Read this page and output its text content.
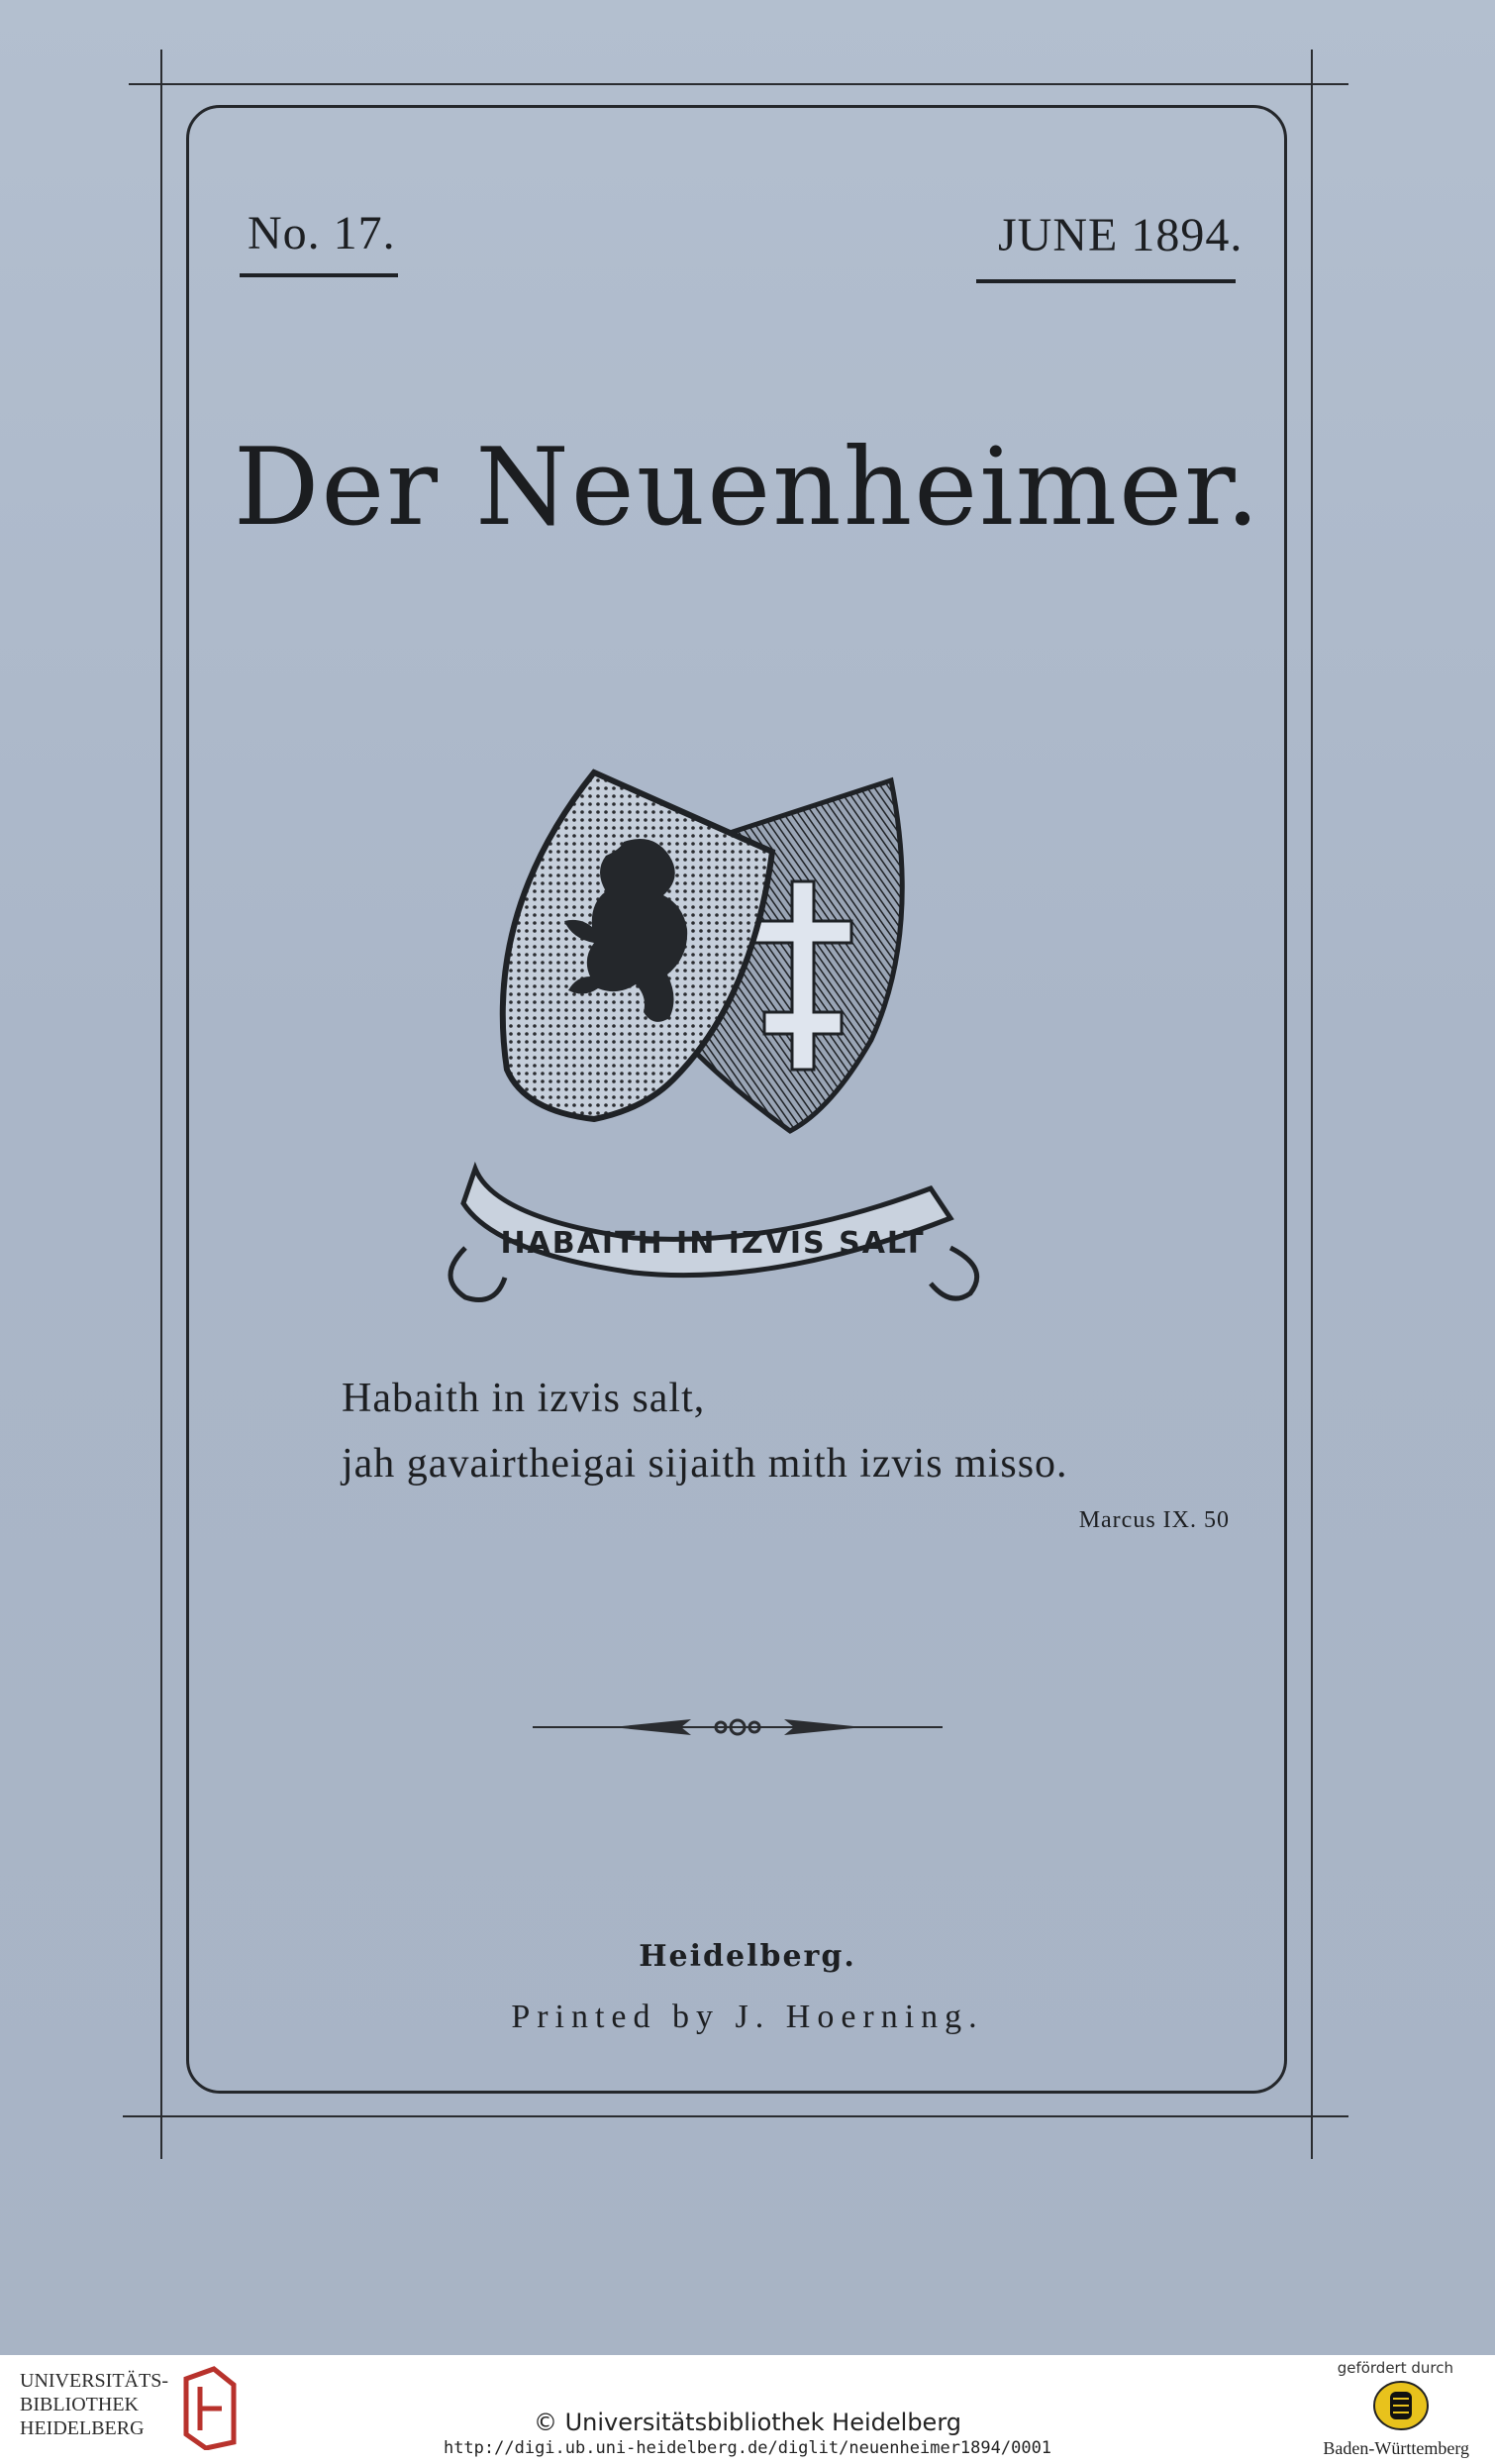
No. 17.	JUNE 1894.
Der Neuenheimer.
HABAITH IN IZVIS SALT
Habaith in izvis salt,
jah gavairtheigai sijaith mith izvis misso.
Marcus IX. 50
Heidelberg.
Printed by J. Hoerning.
UNIVERSITÄTS-
BIBLIOTHEK
HEIDELBERG	© Universitätsbibliothek Heidelberg
http://digi.ub.uni-heidelberg.de/diglit/neuenheimer1894/0001
gefördert durch
Baden-Württemberg
